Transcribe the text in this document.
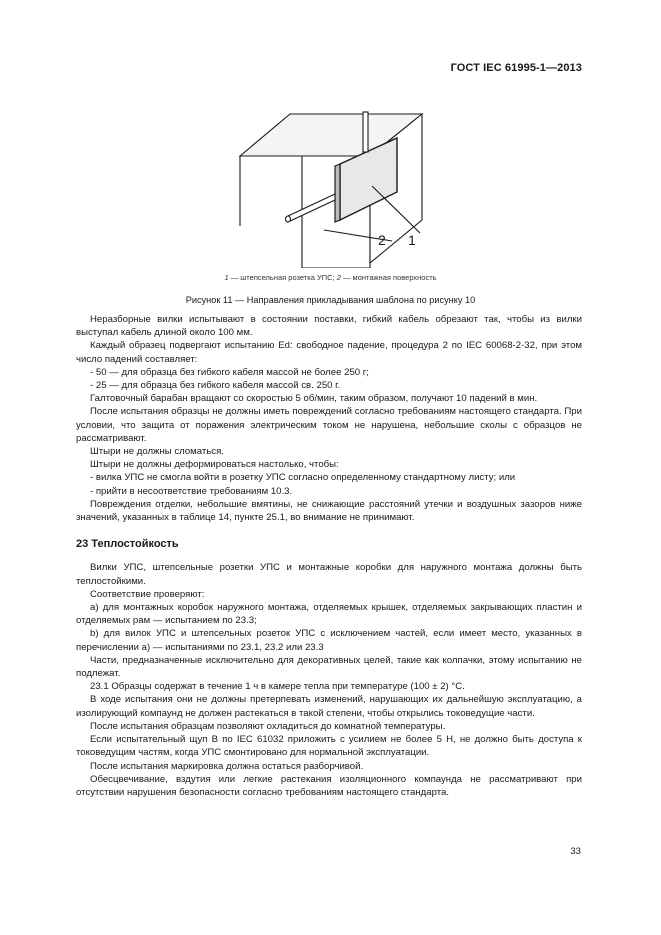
ГОСТ IEC 61995-1—2013
1
2
1 — штепсельная розетка УПС; 2 — монтажная поверхность
Рисунок 11 — Направления прикладывания шаблона по рисунку 10

Неразборные вилки испытывают в состоянии поставки, гибкий кабель обрезают так, чтобы из вилки выступал кабель длиной около 100 мм.

Каждый образец подвергают испытанию Ed: свободное падение, процедура 2 по IEC 60068-2-32, при этом число падений составляет:

- 50 — для образца без гибкого кабеля массой не более 250 г;

- 25 — для образца без гибкого кабеля массой св. 250 г.

Галтовочный барабан вращают со скоростью 5 об/мин, таким образом, получают 10 падений в мин.

После испытания образцы не должны иметь повреждений согласно требованиям настоящего стандарта. При условии, что защита от поражения электрическим током не нарушена, небольшие сколы с образцов не рассматривают.

Штыри не должны сломаться.

Штыри не должны деформироваться настолько, чтобы:

- вилка УПС не смогла войти в розетку УПС согласно определенному стандартному листу; или

- прийти в несоответствие требованиям 10.3.

Повреждения отделки, небольшие вмятины, не снижающие расстояний утечки и воздушных зазоров ниже значений, указанных в таблице 14, пункте 25.1, во внимание не принимают.

23 Теплостойкость

Вилки УПС, штепсельные розетки УПС и монтажные коробки для наружного монтажа должны быть теплостойкими.

Соответствие проверяют:

а) для монтажных коробок наружного монтажа, отделяемых крышек, отделяемых закрывающих пластин и отделяемых рам — испытанием по 23.3;

b) для вилок УПС и штепсельных розеток УПС с исключением частей, если имеет место, указанных в перечислении а) — испытаниями по 23.1, 23.2 или 23.3

Части, предназначенные исключительно для декоративных целей, такие как колпачки, этому испытанию не подлежат.

23.1 Образцы содержат в течение 1 ч в камере тепла при температуре (100 ± 2) °С.

В ходе испытания они не должны претерпевать изменений, нарушающих их дальнейшую эксплуатацию, а изолирующий компаунд не должен растекаться в такой степени, чтобы открылись токоведущие части.

После испытания образцам позволяют охладиться до комнатной температуры.

Если испытательный щуп B по IEC 61032 приложить с усилием не более 5 Н, не должно быть доступа к токоведущим частям, когда УПС смонтировано для нормальной эксплуатации.

После испытания маркировка должна остаться разборчивой.

Обесцвечивание, вздутия или легкие растекания изоляционного компаунда не рассматривают при отсутствии нарушения безопасности согласно требованиям настоящего стандарта.

33
